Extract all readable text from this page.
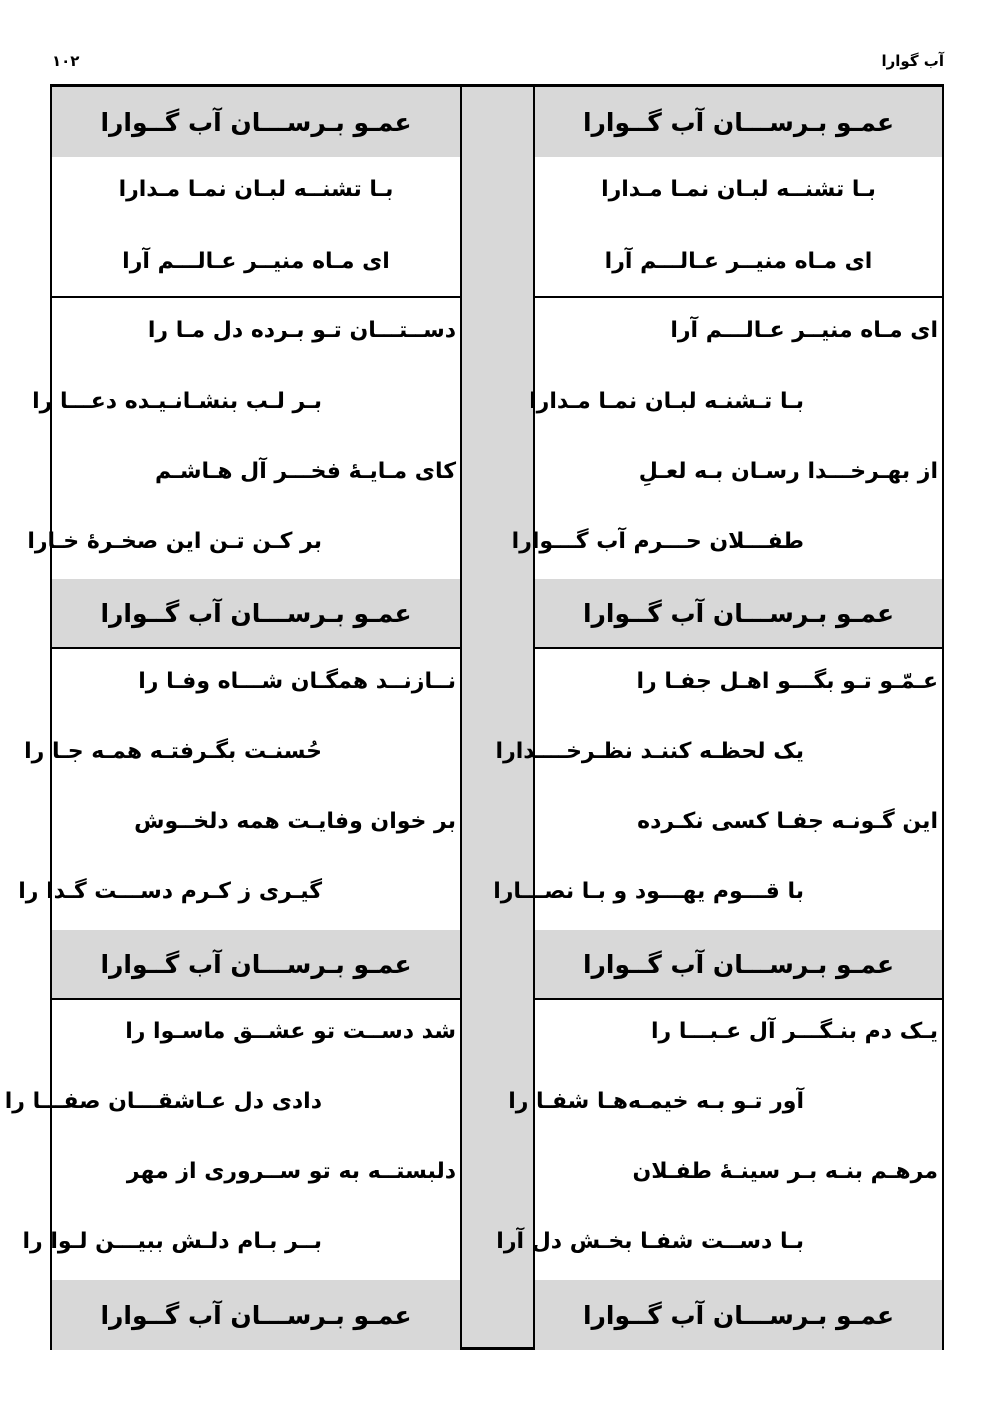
آب گوارا
۱۰۲
عمـو بـرســـان آب گــوارا
بـا تشنــه لبـان نمـا مـدارا
ای مـاه منیــر عـالـــم آرا
ای مـاه منیــر عـالـــم آرا
بـا تـشنـه لبـان نمـا مـدارا
از بهـرخـــدا رسـان بـه لعـلِ
طفـــلان حـــرم آب گـــوارا
عمـو بـرســـان آب گــوارا
عـمّـو تـو بگـــو اهـل جفـا را
یک لحظـه کننـد نظـرخــــدارا
این گـونـه جفـا کسی نکـرده
با قـــوم یهـــود و بـا نصـــارا
عمـو بـرســـان آب گــوارا
یـک دم بنـگـــر آل عـبـــا را
آور تـو بـه خیمـه‌هـا شفـا را
مرهـم بنـه بـر سینـۀ طفـلان
بـا دســت شفـا بخـش دل آرا
عمـو بـرســـان آب گــوارا
عمـو بـرســـان آب گــوارا
بـا تشنــه لبـان نمـا مـدارا
ای مـاه منیــر عـالـــم آرا
دســتـــان تـو بـرده دل مـا را
بـر لـب بنشـانـیـده دعـــا را
کای مـایـۀ فخـــر آل هـاشـم
بر کـن تـن این صخـرۀ خـارا
عمـو بـرســـان آب گــوارا
نــازنــد همگـان شـــاه وفـا را
حُسنـت بگـرفتـه همـه جـا را
بر خوان وفایـت همه دلخــوش
گیـری ز کـرم دســـت گـدا را
عمـو بـرســـان آب گــوارا
شد دســت تو عشــق ماسـوا را
دادی دل عـاشقـــان صفـــا را
دلبستــه به تو ســروری از مهر
بــر بـام دلـش ببیـــن لـوا را
عمـو بـرســـان آب گــوارا
